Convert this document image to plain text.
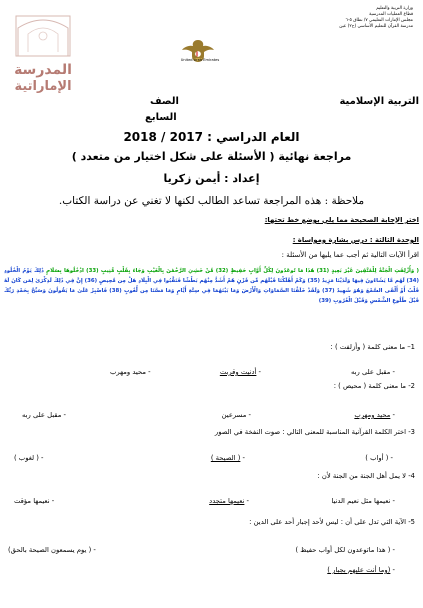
وزارة التربية والتعليم
قطاع العمليات المدرسية
مجلس الإمارات التعليمي ٧/ نطاق ٥-٦
مدرسة القرآن للتعليم الأساسي (ح٢) عين
United Arab Emirates
المدرسة
الإماراتية
التربية الإسلامية
الصف
السابع
العام الدراسي : 2017 / 2018
مراجعة نهائية ( الأسئلة على شكل اختيار من متعدد )
إعداد : أيمن زكريا
ملاحظة : هذه المراجعة تساعد الطالب لكنها لا تغني عن دراسة الكتاب.
اختر الإجابة الصحيحة مما يلي بوضع خط تحتها:
الوحدة الثالثة : درس بشارة ومواساة :
اقرأ الآيات التالية ثم أجب عما يليها من الأسئلة :
( وَأُزْلِفَتِ الْجَنَّةُ لِلْمُتَّقِينَ غَيْرَ بَعِيدٍ (31) هَٰذَا مَا تُوعَدُونَ لِكُلِّ أَوَّابٍ حَفِيظٍ (32) مَّنْ خَشِيَ الرَّحْمَٰنَ بِالْغَيْبِ وَجَاءَ بِقَلْبٍ مُّنِيبٍ (33) ادْخُلُوهَا بِسَلَامٍ ذَٰلِكَ يَوْمُ الْخُلُودِ (34) لَهُم مَّا يَشَاءُونَ فِيهَا وَلَدَيْنَا مَزِيدٌ (35) وَكَمْ أَهْلَكْنَا قَبْلَهُم مِّن قَرْنٍ هُمْ أَشَدُّ مِنْهُم بَطْشًا فَنَقَّبُوا فِي الْبِلَادِ هَلْ مِن مَّحِيصٍ (36) إِنَّ فِي ذَٰلِكَ لَذِكْرَىٰ لِمَن كَانَ لَهُ قَلْبٌ أَوْ أَلْقَى السَّمْعَ وَهُوَ شَهِيدٌ (37) وَلَقَدْ خَلَقْنَا السَّمَاوَاتِ وَالْأَرْضَ وَمَا بَيْنَهُمَا فِي سِتَّةِ أَيَّامٍ وَمَا مَسَّنَا مِن لُّغُوبٍ (38) فَاصْبِرْ عَلَىٰ مَا يَقُولُونَ وَسَبِّحْ بِحَمْدِ رَبِّكَ قَبْلَ طُلُوعِ الشَّمْسِ وَقَبْلَ الْغُرُوبِ (39)
1– ما معنى كلمة ( وأزلفت ) :
- مقبل على ربه
- أدنيت وقربت
- محيد ومهرب
2- ما معنى كلمة ( محيص ) :
- محيد ومهرب
- مسرعين
- مقبل على ربه
3- اختر الكلمة القرآنية المناسبة للمعنى التالي : صوت النفخة في الصور
- ( أواب )
- ( الصيحة )
- ( لغوب )
4- لا يمل أهل الجنة من الجنة لأن :
- نعيمها مثل نعيم الدنيا
- نعيمها متجدد
- نعيمها مؤقت
5- الآية التي تدل على أن : ليس لأحد إجبار أحد على الدين :
- ( هذا ماتوعدون لكل أواب حفيظ )
- ( يوم يسمعون الصيحة بالحق)
- (وما أنت عليهم بجبار )
